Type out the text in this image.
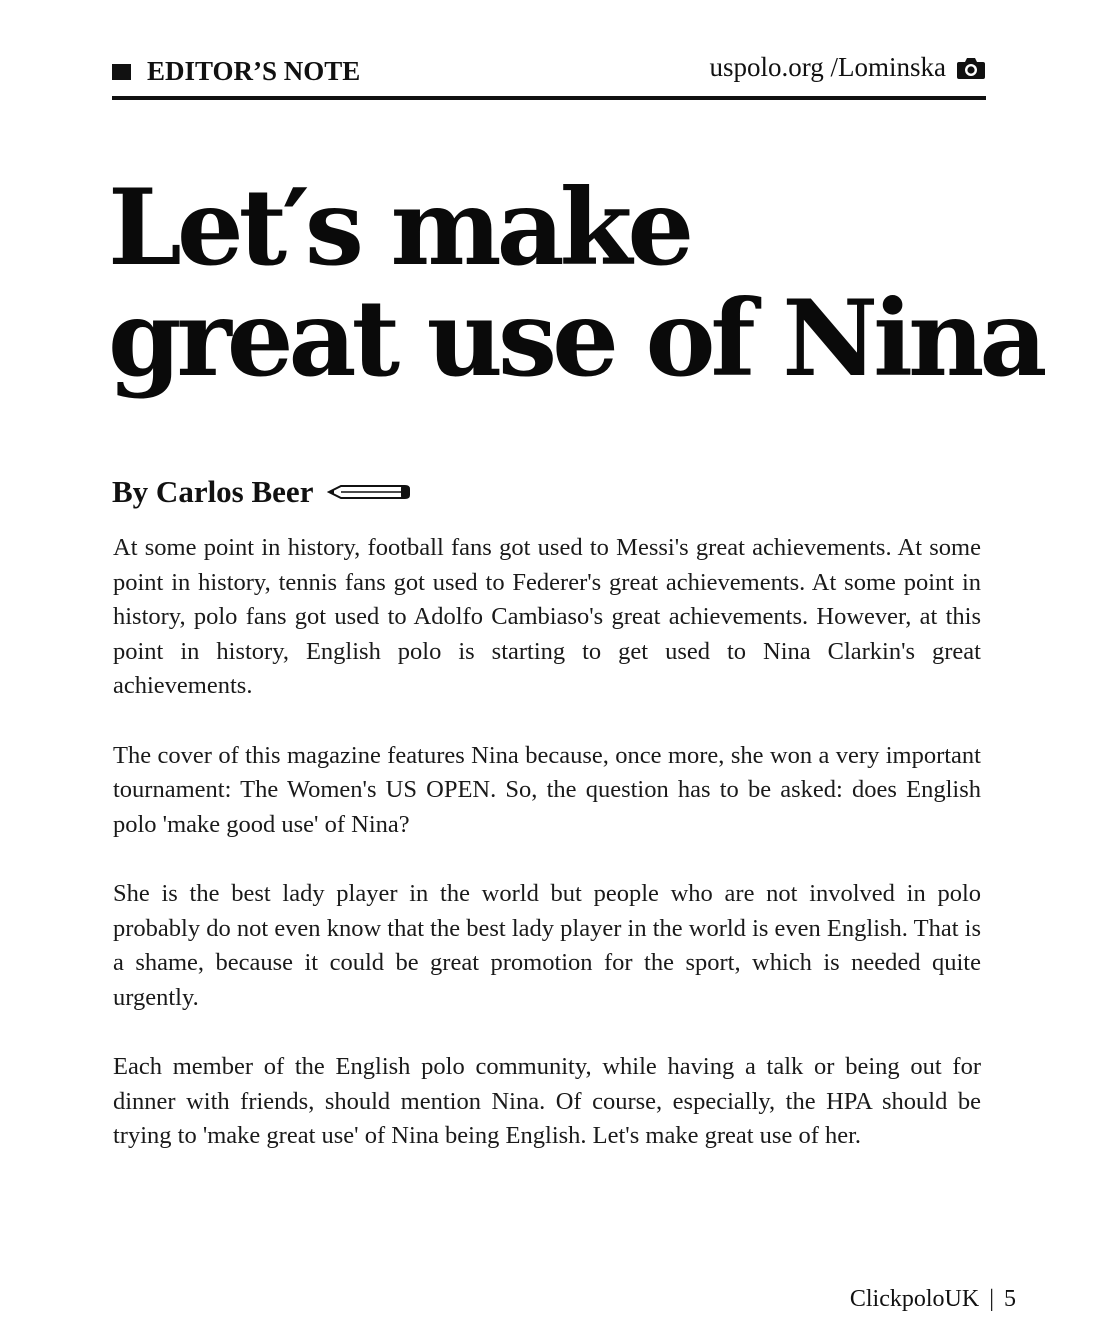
EDITOR’S NOTE	uspolo.org /Lominska
Let′s make
great use of Nina
By Carlos Beer

At some point in history, football fans got used to Messi's great achievements. At some point in history, tennis fans got used to Federer's great achievements. At some point in history, polo fans got used to Adolfo Cambiaso's great achievements. However, at this point in history, English polo is starting to get used to Nina Clarkin's great achievements.

The cover of this magazine features Nina because, once more, she won a very important tournament: The Women's US OPEN. So, the question has to be asked: does English polo 'make good use' of Nina?

She is the best lady player in the world but people who are not involved in polo probably do not even know that the best lady player in the world is even English. That is a shame, because it could be great promotion for the sport, which is needed quite urgently.

Each member of the English polo community, while having a talk or being out for dinner with friends, should mention Nina. Of course, especially, the HPA should be trying to 'make great use' of Nina being English. Let's make great use of her.

ClickpoloUK | 5
